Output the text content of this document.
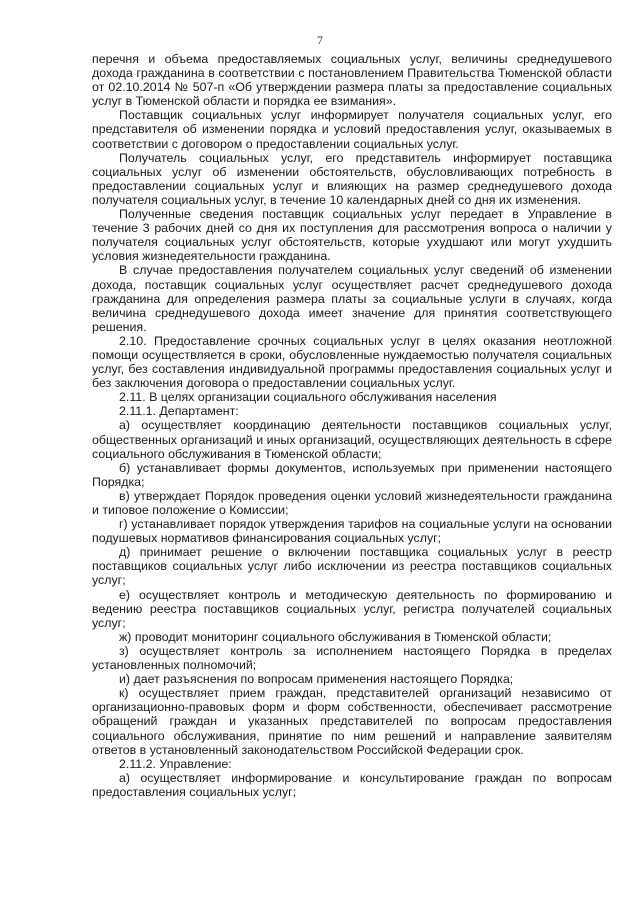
7

перечня и объема предоставляемых социальных услуг, величины среднедушевого дохода гражданина в соответствии с постановлением Правительства Тюменской области от 02.10.2014 № 507-п «Об утверждении размера платы за предоставление социальных услуг в Тюменской области и порядка ее взимания».

Поставщик социальных услуг информирует получателя социальных услуг, его представителя об изменении порядка и условий предоставления услуг, оказываемых в соответствии с договором о предоставлении социальных услуг.

Получатель социальных услуг, его представитель информирует поставщика социальных услуг об изменении обстоятельств, обусловливающих потребность в предоставлении социальных услуг и влияющих на размер среднедушевого дохода получателя социальных услуг, в течение 10 календарных дней со дня их изменения.

Полученные сведения поставщик социальных услуг передает в Управление в течение 3 рабочих дней со дня их поступления для рассмотрения вопроса о наличии у получателя социальных услуг обстоятельств, которые ухудшают или могут ухудшить условия жизнедеятельности гражданина.

В случае предоставления получателем социальных услуг сведений об изменении дохода, поставщик социальных услуг осуществляет расчет среднедушевого дохода гражданина для определения размера платы за социальные услуги в случаях, когда величина среднедушевого дохода имеет значение для принятия соответствующего решения.

2.10. Предоставление срочных социальных услуг в целях оказания неотложной помощи осуществляется в сроки, обусловленные нуждаемостью получателя социальных услуг, без составления индивидуальной программы предоставления социальных услуг и без заключения договора о предоставлении социальных услуг.

2.11. В целях организации социального обслуживания населения

2.11.1. Департамент:

а) осуществляет координацию деятельности поставщиков социальных услуг, общественных организаций и иных организаций, осуществляющих деятельность в сфере социального обслуживания в Тюменской области;

б) устанавливает формы документов, используемых при применении настоящего Порядка;

в) утверждает Порядок проведения оценки условий жизнедеятельности гражданина и типовое положение о Комиссии;

г) устанавливает порядок утверждения тарифов на социальные услуги на основании подушевых нормативов финансирования социальных услуг;

д) принимает решение о включении поставщика социальных услуг в реестр поставщиков социальных услуг либо исключении из реестра поставщиков социальных услуг;

е) осуществляет контроль и методическую деятельность по формированию и ведению реестра поставщиков социальных услуг, регистра получателей социальных услуг;

ж) проводит мониторинг социального обслуживания в Тюменской области;

з) осуществляет контроль за исполнением настоящего Порядка в пределах установленных полномочий;

и) дает разъяснения по вопросам применения настоящего Порядка;

к) осуществляет прием граждан, представителей организаций независимо от организационно-правовых форм и форм собственности, обеспечивает рассмотрение обращений граждан и указанных представителей по вопросам предоставления социального обслуживания, принятие по ним решений и направление заявителям ответов в установленный законодательством Российской Федерации срок.

2.11.2. Управление:

а) осуществляет информирование и консультирование граждан по вопросам предоставления социальных услуг;
